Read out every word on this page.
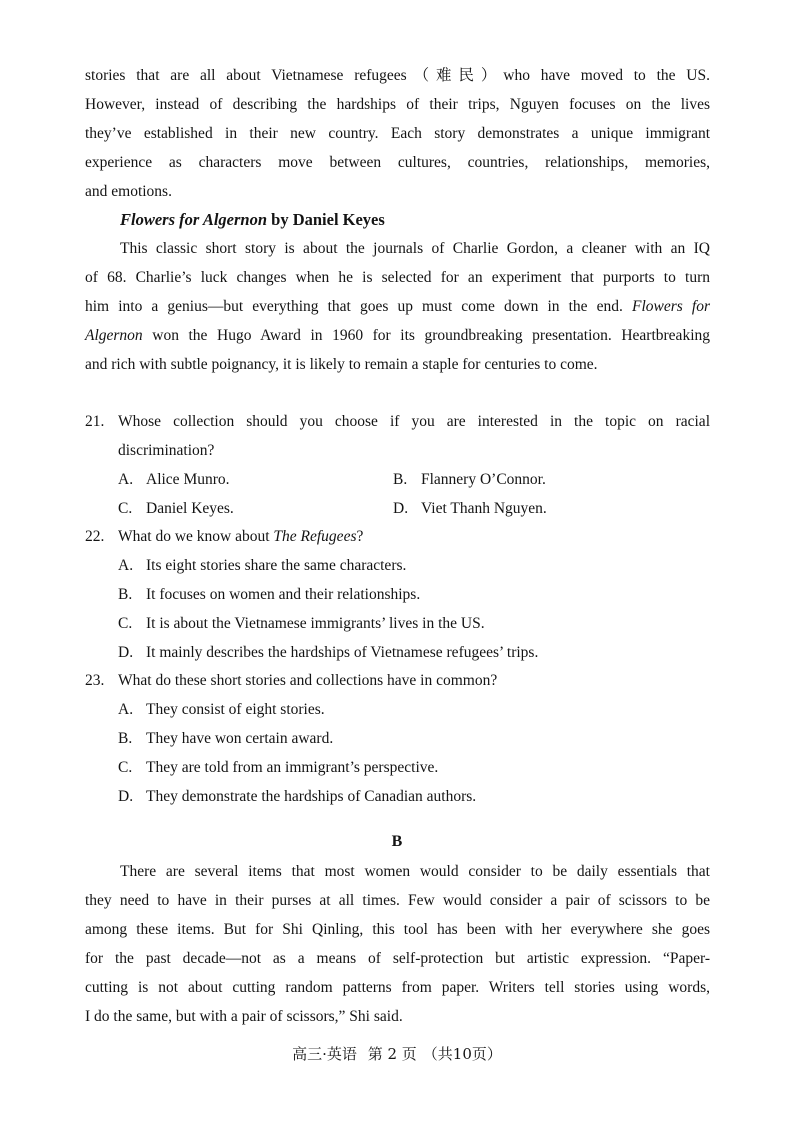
stories that are all about Vietnamese refugees（难民）who have moved to the US.
However, instead of describing the hardships of their trips, Nguyen focuses on the lives
they’ve established in their new country. Each story demonstrates a unique immigrant
experience as characters move between cultures, countries, relationships, memories,
and emotions.
Flowers for Algernon by Daniel Keyes
This classic short story is about the journals of Charlie Gordon, a cleaner with an IQ
of 68. Charlie’s luck changes when he is selected for an experiment that purports to turn
him into a genius—but everything that goes up must come down in the end. Flowers for
Algernon won the Hugo Award in 1960 for its groundbreaking presentation. Heartbreaking
and rich with subtle poignancy, it is likely to remain a staple for centuries to come.
21. Whose collection should you choose if you are interested in the topic on racial
discrimination?
A. Alice Munro.	B. Flannery O’Connor.
C. Daniel Keyes.	D. Viet Thanh Nguyen.
22. What do we know about The Refugees?
A. Its eight stories share the same characters.
B. It focuses on women and their relationships.
C. It is about the Vietnamese immigrants’ lives in the US.
D. It mainly describes the hardships of Vietnamese refugees’ trips.
23. What do these short stories and collections have in common?
A. They consist of eight stories.
B. They have won certain award.
C. They are told from an immigrant’s perspective.
D. They demonstrate the hardships of Canadian authors.
B
There are several items that most women would consider to be daily essentials that
they need to have in their purses at all times. Few would consider a pair of scissors to be
among these items. But for Shi Qinling, this tool has been with her everywhere she goes
for the past decade—not as a means of self-protection but artistic expression. “Paper-
cutting is not about cutting random patterns from paper. Writers tell stories using words,
I do the same, but with a pair of scissors,” Shi said.
高三·英语 第 2 页 （共10页）
